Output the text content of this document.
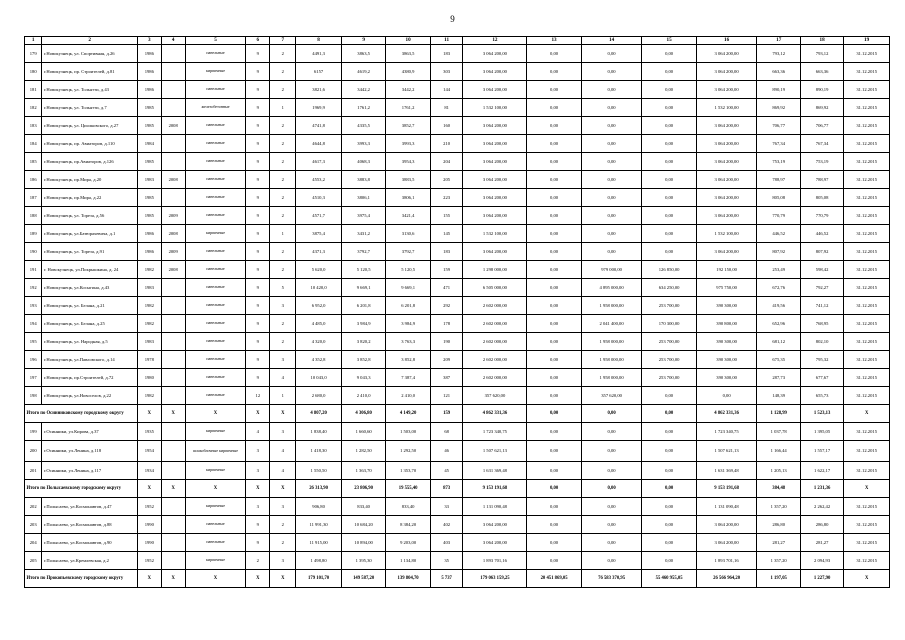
9
1	2	3	4	5	6	7	8	9	10	11	12	13	14	15	16	17	18	19
179	г.Новокузнецк, ул. Спортивная, д.26	1986		панельные	9	2	4491,3	3863,5	3863,5	183	3 064 200,00	0,00	0,00	0,00	3 064 200,00	793,12	793,12	31.12.2015
180	г.Новокузнецк, пр. Строителей, д.81	1986		кирпичные	9	2	6157	4619,2	4380,9	303	3 064 200,00	0,00	0,00	0,00	3 064 200,00	663,36	663,36	31.12.2015
181	г.Новокузнецк, ул. Тольятти, д.43	1986		панельные	9	2	3821,6	3442,2	3442,2	144	3 064 200,00	0,00	0,00	0,00	3 064 200,00	890,19	890,19	31.12.2015
182	г.Новокузнецк, ул. Тольятти, д.7	1985		железобетонные	9	1	1969,9	1761,2	1761,2	81	1 532 100,00	0,00	0,00	0,00	1 532 100,00	869,92	869,92	31.12.2015
183	г.Новокузнецк, ул. Циолковского, д.27	1985	2008	панельные	9	2	4741,8	4335,5	3852,7	160	3 064 200,00	0,00	0,00	0,00	3 064 200,00	706,77	706,77	31.12.2015
184	г.Новокузнецк, пр. Авиаторов, д.110	1984		панельные	9	2	4644,8	3993,3	3993,3	210	3 064 200,00	0,00	0,00	0,00	3 064 200,00	767,34	767,34	31.12.2015
185	г.Новокузнецк, пр.Авиаторов, д.126	1985		панельные	9	2	4617,3	4068,3	3954,3	204	3 064 200,00	0,00	0,00	0,00	3 064 200,00	753,19	753,19	31.12.2015
186	г.Новокузнецк, пр.Мира, д.20	1983	2008	панельные	9	2	4553,2	3883,8	3883,5	205	3 064 200,00	0,00	0,00	0,00	3 064 200,00	788,97	788,97	31.12.2015
187	г.Новокузнецк, пр.Мира, д.22	1985		панельные	9	2	4510,3	3806,1	3806,1	223	3 064 200,00	0,00	0,00	0,00	3 064 200,00	805,08	805,08	31.12.2015
188	г.Новокузнецк, ул. Тореза, д.56	1985	2009	панельные	9	2	4571,7	3975,4	3421,4	155	3 064 200,00	0,00	0,00	0,00	3 064 200,00	770,79	770,79	31.12.2015
189	г.Новокузнецк, ул.Батюрахевича, д.1	1986	2008	кирпичные	9	1	3875,4	3431,2	3130,6	145	1 532 100,00	0,00	0,00	0,00	1 532 100,00	446,52	446,52	31.12.2015
190	г.Новокузнецк, ул. Тореза, д.91	1986	2009	панельные	9	2	4371,3	3792,7	3792,7	183	3 064 200,00	0,00	0,00	0,00	3 064 200,00	807,92	807,92	31.12.2015
191	г. Новокузнецк, ул.Покрышкина, д. 24	1982	2008	панельные	9	2	5 620,0	5 120,5	5 120,5	159	1 298 000,00	0,00	979 000,00	126 850,00	192 150,00	253,49	598,42	31.12.2015
192	г.Новокузнецк, ул.Косыгина, д.43	1983		панельные	9	5	10 420,0	9 669,1	9 669,1	471	6 505 000,00	0,00	4 895 000,00	634 250,00	975 750,00	672,76	792,27	31.12.2015
193	г.Новокузнецк, ул. Белана, д.21	1982		панельные	9	3	6 952,0	6 201,8	6 201,8	292	2 602 000,00	0,00	1 958 000,00	253 700,00	390 300,00	419,56	741,12	31.12.2015
194	г.Новокузнецк, ул. Белана, д.25	1982		панельные	9	2	4 485,0	3 984,9	3 984,9	178	2 602 000,00	0,00	2 041 400,00	170 300,00	390 800,00	652,96	768,95	31.12.2015
195	г.Новокузнецк, ул. Народная, д.5	1983		панельные	9	2	4 320,0	3 820,2	3 763,3	190	2 602 000,00	0,00	1 958 000,00	253 700,00	390 300,00	681,12	802,10	31.12.2015
196	г.Новокузнецк, ул.Павловского, д.14	1978		панельные	9	3	4 352,8	3 852,8	3 852,8	209	2 602 000,00	0,00	1 958 000,00	253 700,00	390 300,00	675,35	795,32	31.12.2015
197	г.Новокузнецк, пр.Строителей, д.72	1980		панельные	9	4	10 043,0	9 043,3	7 387,4	387	2 602 000,00	0,00	1 958 000,00	253 700,00	390 300,00	287,73	677,67	31.12.2015
198	г.Новокузнецк, ул.Новоселов, д.22	1982		панельные	12	1	2 680,0	2 410,0	2 410,0	121	357 620,00	0,00	357 620,00	0,00	0,00	148,39	655,73	31.12.2015
Итого по Осинниковскому городскому округу		X	X	X	X	X	4 807,20	4 306,80	4 149,20	159	4 862 331,36	0,00	0,00	0,00	4 862 331,36	1 128,99	1 523,13	X
199	г.Осинники, ул.Кирова, д.37	1935		кирпичные	4	3	1 838,40	1 660,60	1 503,00	68	1 723 340,75	0,00	0,00	0,00	1 723 340,75	1 037,78	1 395,05	31.12.2015
200	г.Осинники, ул.Ленина, д.118	1954		шлакоблочные кирпичные	3	4	1 418,30	1 282,50	1 292,50	46	1 507 621,13	0,00	0,00	0,00	1 507 621,13	1 166,44	1 557,17	31.12.2015
201	г.Осинники, ул.Ленина, д.117	1934		кирпичные	3	4	1 550,50	1 363,70	1 353,70	45	1 631 369,48	0,00	0,00	0,00	1 631 369,48	1 205,13	1 622,17	31.12.2015
Итого по Полысаевскому городскому округу		X	X	X	X	X	26 313,90	23 806,90	19 555,40	873	9 153 191,68	0,00	0,00	0,00	9 153 191,68	384,48	1 231,36	X
202	г.Полысаево, ул.Космонавтов, д.47	1952		кирпичные	3	3	906,80	833,40	833,40	33	1 131 090,48	0,00	0,00	0,00	1 131 090,48	1 357,20	2 262,42	31.12.2015
203	г.Полысаево, ул.Космонавтов, д.88	1990		панельные	9	2	11 991,30	10 684,20	8 384,20	402	3 064 200,00	0,00	0,00	0,00	3 064 200,00	286,80	286,80	31.12.2015
204	г.Полысаево, ул.Космонавтов, д.90	1990		панельные	9	2	11 915,00	10 894,00	9 203,00	403	3 064 200,00	0,00	0,00	0,00	3 064 200,00	281,27	281,27	31.12.2015
205	г.Полысаево, ул.Кремлевская, д.2	1952		кирпичные	2	3	1 498,80	1 395,30	1 134,80	35	1 893 701,16	0,00	0,00	0,00	1 893 701,16	1 357,20	2 094,93	31.12.2015
Итого по Прокопьевскому городскому округу		X	X	X	X	X	179 101,70	149 587,20	139 804,70	5 737	179 063 159,25	20 451 869,05	76 583 370,95	55 460 955,05	26 566 964,20	1 197,05	1 227,90	X
